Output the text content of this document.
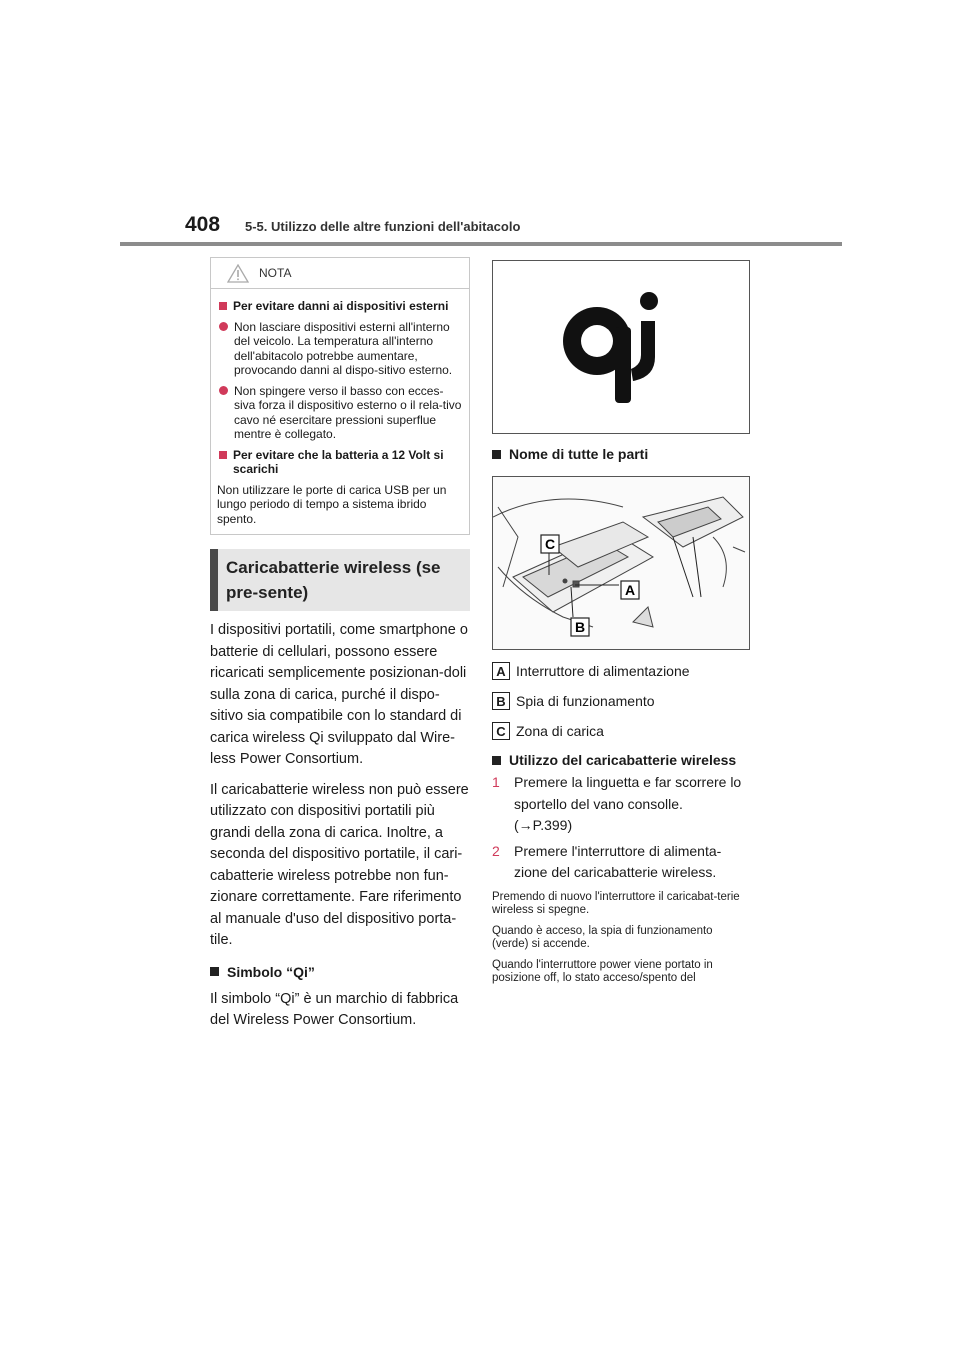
408 5-5. Utilizzo delle altre funzioni dell'abitacolo
NOTA
Per evitare danni ai dispositivi esterni
Non lasciare dispositivi esterni all'interno del veicolo. La temperatura all'interno dell'abitacolo potrebbe aumentare, provocando danni al dispo-sitivo esterno.
Non spingere verso il basso con ecces-siva forza il dispositivo esterno o il rela-tivo cavo né esercitare pressioni superflue mentre è collegato.
Per evitare che la batteria a 12 Volt si scarichi
Non utilizzare le porte di carica USB per un lungo periodo di tempo a sistema ibrido spento.
Caricabatterie wireless (se pre-sente)

I dispositivi portatili, come smartphone o batterie di cellulari, possono essere ricaricati semplicemente posizionan-doli sulla zona di carica, purché il dispo-sitivo sia compatibile con lo standard di carica wireless Qi sviluppato dal Wire-less Power Consortium.

Il caricabatterie wireless non può essere utilizzato con dispositivi portatili più grandi della zona di carica. Inoltre, a seconda del dispositivo portatile, il cari-cabatterie wireless potrebbe non fun-zionare correttamente. Fare riferimento al manuale d'uso del dispositivo porta-tile.

Simbolo “Qi”

Il simbolo “Qi” è un marchio di fabbrica del Wireless Power Consortium.

Nome di tutte le parti
C
A
B
A Interruttore di alimentazione
B Spia di funzionamento
C Zona di carica
Utilizzo del caricabatterie wireless
1	Premere la linguetta e far scorrere lo sportello del vano consolle.
(→P.399)
2	Premere l'interruttore di alimenta-zione del caricabatterie wireless.
Premendo di nuovo l'interruttore il caricabat-terie wireless si spegne.
Quando è acceso, la spia di funzionamento (verde) si accende.
Quando l'interruttore power viene portato in posizione off, lo stato acceso/spento del
